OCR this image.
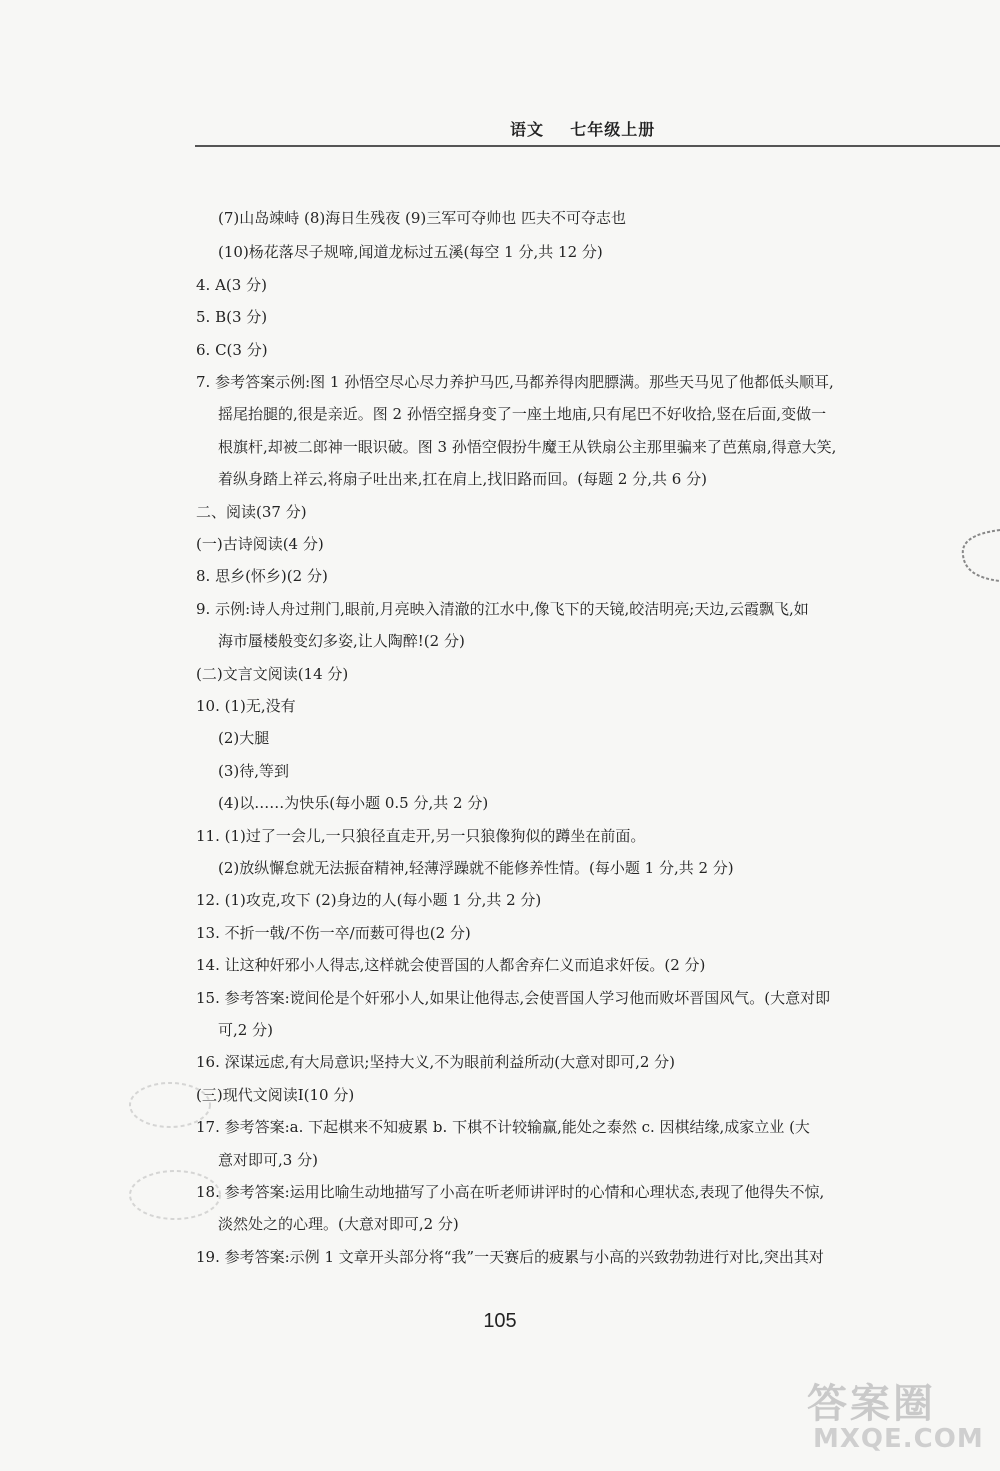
语文    七年级上册
(7)山岛竦峙 (8)海日生残夜 (9)三军可夺帅也 匹夫不可夺志也
(10)杨花落尽子规啼,闻道龙标过五溪(每空 1 分,共 12 分)
4. A(3 分)
5. B(3 分)
6. C(3 分)
7. 参考答案示例:图 1 孙悟空尽心尽力养护马匹,马都养得肉肥膘满。那些天马见了他都低头顺耳,
摇尾抬腿的,很是亲近。图 2 孙悟空摇身变了一座土地庙,只有尾巴不好收拾,竖在后面,变做一
根旗杆,却被二郎神一眼识破。图 3 孙悟空假扮牛魔王从铁扇公主那里骗来了芭蕉扇,得意大笑,
着纵身踏上祥云,将扇子吐出来,扛在肩上,找旧路而回。(每题 2 分,共 6 分)
二、阅读(37 分)
(一)古诗阅读(4 分)
8. 思乡(怀乡)(2 分)
9. 示例:诗人舟过荆门,眼前,月亮映入清澈的江水中,像飞下的天镜,皎洁明亮;天边,云霞飘飞,如
海市蜃楼般变幻多姿,让人陶醉!(2 分)
(二)文言文阅读(14 分)
10. (1)无,没有
(2)大腿
(3)待,等到
(4)以……为快乐(每小题 0.5 分,共 2 分)
11. (1)过了一会儿,一只狼径直走开,另一只狼像狗似的蹲坐在前面。
(2)放纵懈怠就无法振奋精神,轻薄浮躁就不能修养性情。(每小题 1 分,共 2 分)
12. (1)攻克,攻下 (2)身边的人(每小题 1 分,共 2 分)
13. 不折一戟/不伤一卒/而薮可得也(2 分)
14. 让这种奸邪小人得志,这样就会使晋国的人都舍弃仁义而追求奸佞。(2 分)
15. 参考答案:谠间伦是个奸邪小人,如果让他得志,会使晋国人学习他而败坏晋国风气。(大意对即
可,2 分)
16. 深谋远虑,有大局意识;坚持大义,不为眼前利益所动(大意对即可,2 分)
(三)现代文阅读Ⅰ(10 分)
17. 参考答案:a. 下起棋来不知疲累 b. 下棋不计较输赢,能处之泰然 c. 因棋结缘,成家立业 (大
意对即可,3 分)
18. 参考答案:运用比喻生动地描写了小高在听老师讲评时的心情和心理状态,表现了他得失不惊,
淡然处之的心理。(大意对即可,2 分)
19. 参考答案:示例 1 文章开头部分将“我”一天赛后的疲累与小高的兴致勃勃进行对比,突出其对
105
答案圈
MXQE.COM
